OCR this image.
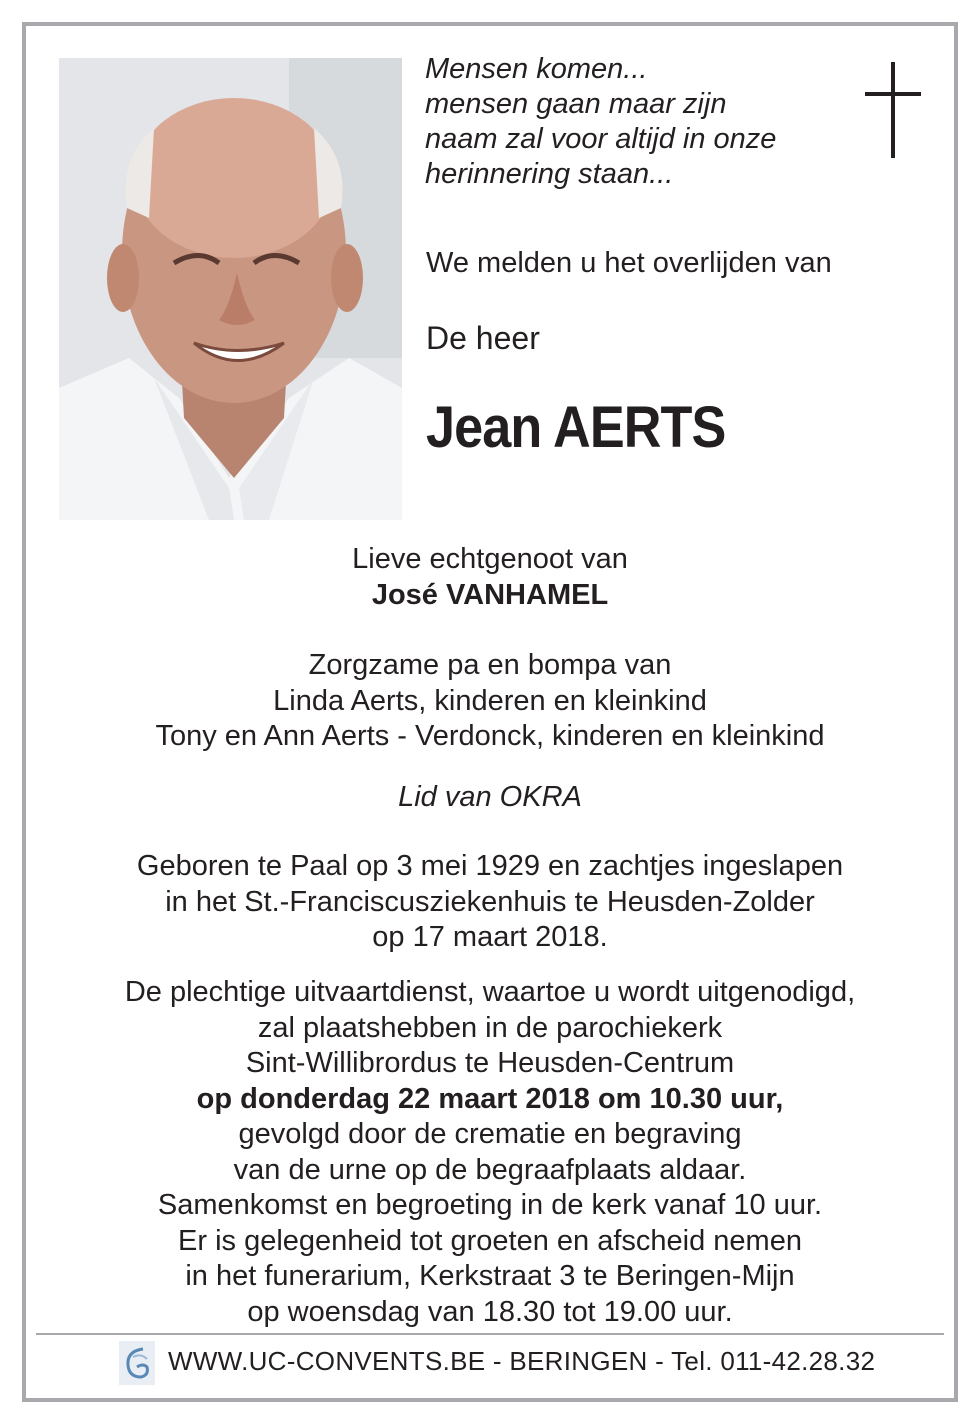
Mensen komen...
mensen gaan maar zijn
naam zal voor altijd in onze
herinnering staan...
We melden u het overlijden van
De heer
Jean AERTS
Lieve echtgenoot van
José VANHAMEL
Zorgzame pa en bompa van
Linda Aerts, kinderen en kleinkind
Tony en Ann Aerts - Verdonck, kinderen en kleinkind
Lid van OKRA
Geboren te Paal op 3 mei 1929 en zachtjes ingeslapen
in het St.-Franciscusziekenhuis te Heusden-Zolder
op 17 maart 2018.
De plechtige uitvaartdienst, waartoe u wordt uitgenodigd,
zal plaatshebben in de parochiekerk
Sint-Willibrordus te Heusden-Centrum
op donderdag 22 maart 2018 om 10.30 uur,
gevolgd door de crematie en begraving
van de urne op de begraafplaats aldaar.
Samenkomst en begroeting in de kerk vanaf 10 uur.
Er is gelegenheid tot groeten en afscheid nemen
in het funerarium, Kerkstraat 3 te Beringen-Mijn
op woensdag van 18.30 tot 19.00 uur.
WWW.UC-CONVENTS.BE - BERINGEN - Tel. 011-42.28.32
